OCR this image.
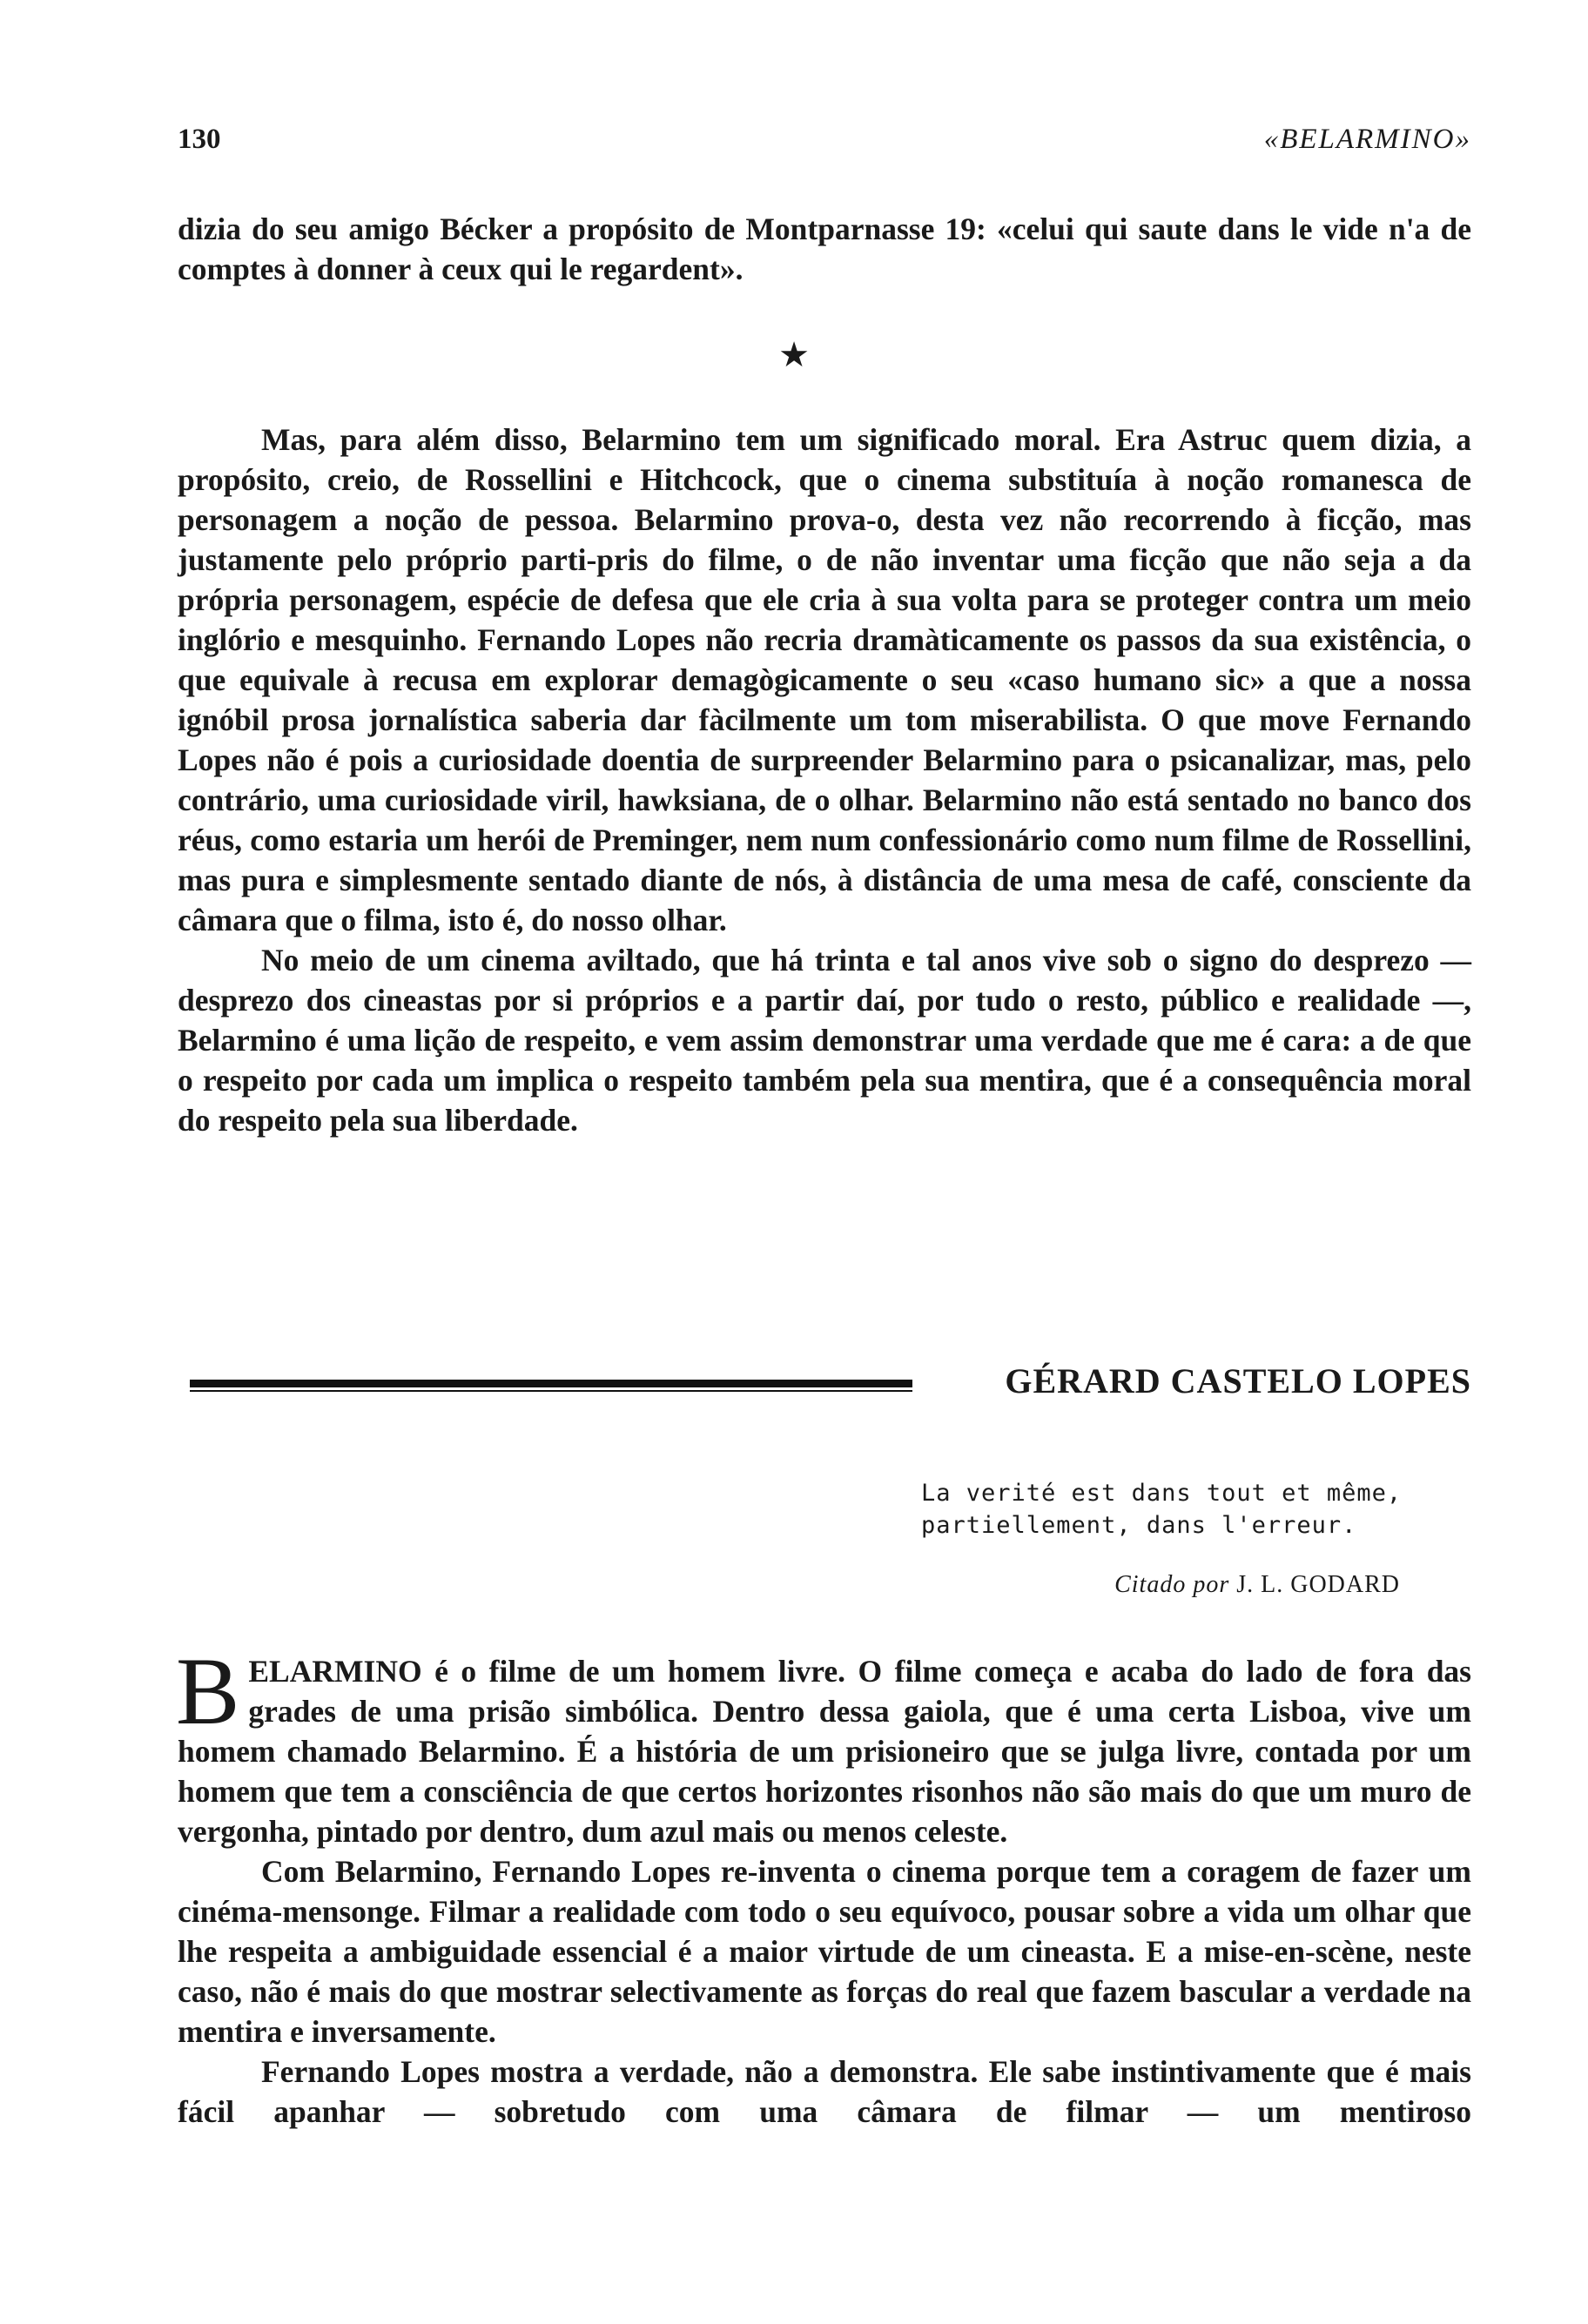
130	«BELARMINO»

dizia do seu amigo Bécker a propósito de Montparnasse 19: «celui qui saute dans le vide n'a de comptes à donner à ceux qui le regardent».

★

Mas, para além disso, Belarmino tem um significado moral. Era Astruc quem dizia, a propósito, creio, de Rossellini e Hitchcock, que o cinema substituía à noção romanesca de personagem a noção de pessoa. Belarmino prova-o, desta vez não recorrendo à ficção, mas justamente pelo próprio parti-pris do filme, o de não inventar uma ficção que não seja a da própria personagem, espécie de defesa que ele cria à sua volta para se proteger contra um meio inglório e mesquinho. Fernando Lopes não recria dramàticamente os passos da sua existência, o que equivale à recusa em explorar demagògicamente o seu «caso humano sic» a que a nossa ignóbil prosa jornalística saberia dar fàcilmente um tom miserabilista. O que move Fernando Lopes não é pois a curiosidade doentia de surpreender Belarmino para o psicanalizar, mas, pelo contrário, uma curiosidade viril, hawksiana, de o olhar. Belarmino não está sentado no banco dos réus, como estaria um herói de Preminger, nem num confessionário como num filme de Rossellini, mas pura e simplesmente sentado diante de nós, à distância de uma mesa de café, consciente da câmara que o filma, isto é, do nosso olhar.

No meio de um cinema aviltado, que há trinta e tal anos vive sob o signo do desprezo — desprezo dos cineastas por si próprios e a partir daí, por tudo o resto, público e realidade —, Belarmino é uma lição de respeito, e vem assim demonstrar uma verdade que me é cara: a de que o respeito por cada um implica o respeito também pela sua mentira, que é a consequência moral do respeito pela sua liberdade.

GÉRARD CASTELO LOPES
La verité est dans tout et même, partiellement, dans l'erreur.
Citado por J. L. GODARD

BELARMINO é o filme de um homem livre. O filme começa e acaba do lado de fora das grades de uma prisão simbólica. Dentro dessa gaiola, que é uma certa Lisboa, vive um homem chamado Belarmino. É a história de um prisioneiro que se julga livre, contada por um homem que tem a consciência de que certos horizontes risonhos não são mais do que um muro de vergonha, pintado por dentro, dum azul mais ou menos celeste.

Com Belarmino, Fernando Lopes re-inventa o cinema porque tem a coragem de fazer um cinéma-mensonge. Filmar a realidade com todo o seu equívoco, pousar sobre a vida um olhar que lhe respeita a ambiguidade essencial é a maior virtude de um cineasta. E a mise-en-scène, neste caso, não é mais do que mostrar selectivamente as forças do real que fazem bascular a verdade na mentira e inversamente.

Fernando Lopes mostra a verdade, não a demonstra. Ele sabe instintivamente que é mais fácil apanhar — sobretudo com uma câmara de filmar — um mentiroso
